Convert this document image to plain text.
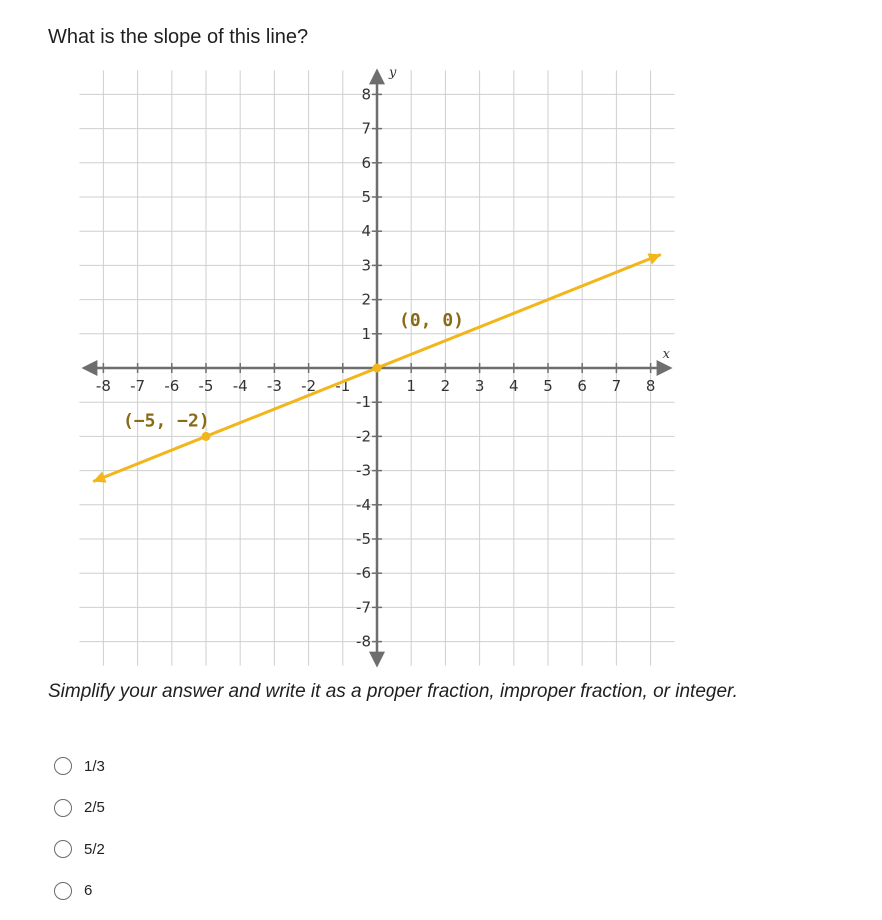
What is the slope of this line?
x
y
-8 -7 -6 -5 -4 -3 -2 -1	1 2 3 4 5 6 7 8
-8
-7
-6
-5
-4
-3
-2
-1
1
2
3
4
5
6
7
8
(−5, −2)
(0, 0)

Simplify your answer and write it as a proper fraction, improper fraction, or integer.

1/3
2/5
5/2
6
